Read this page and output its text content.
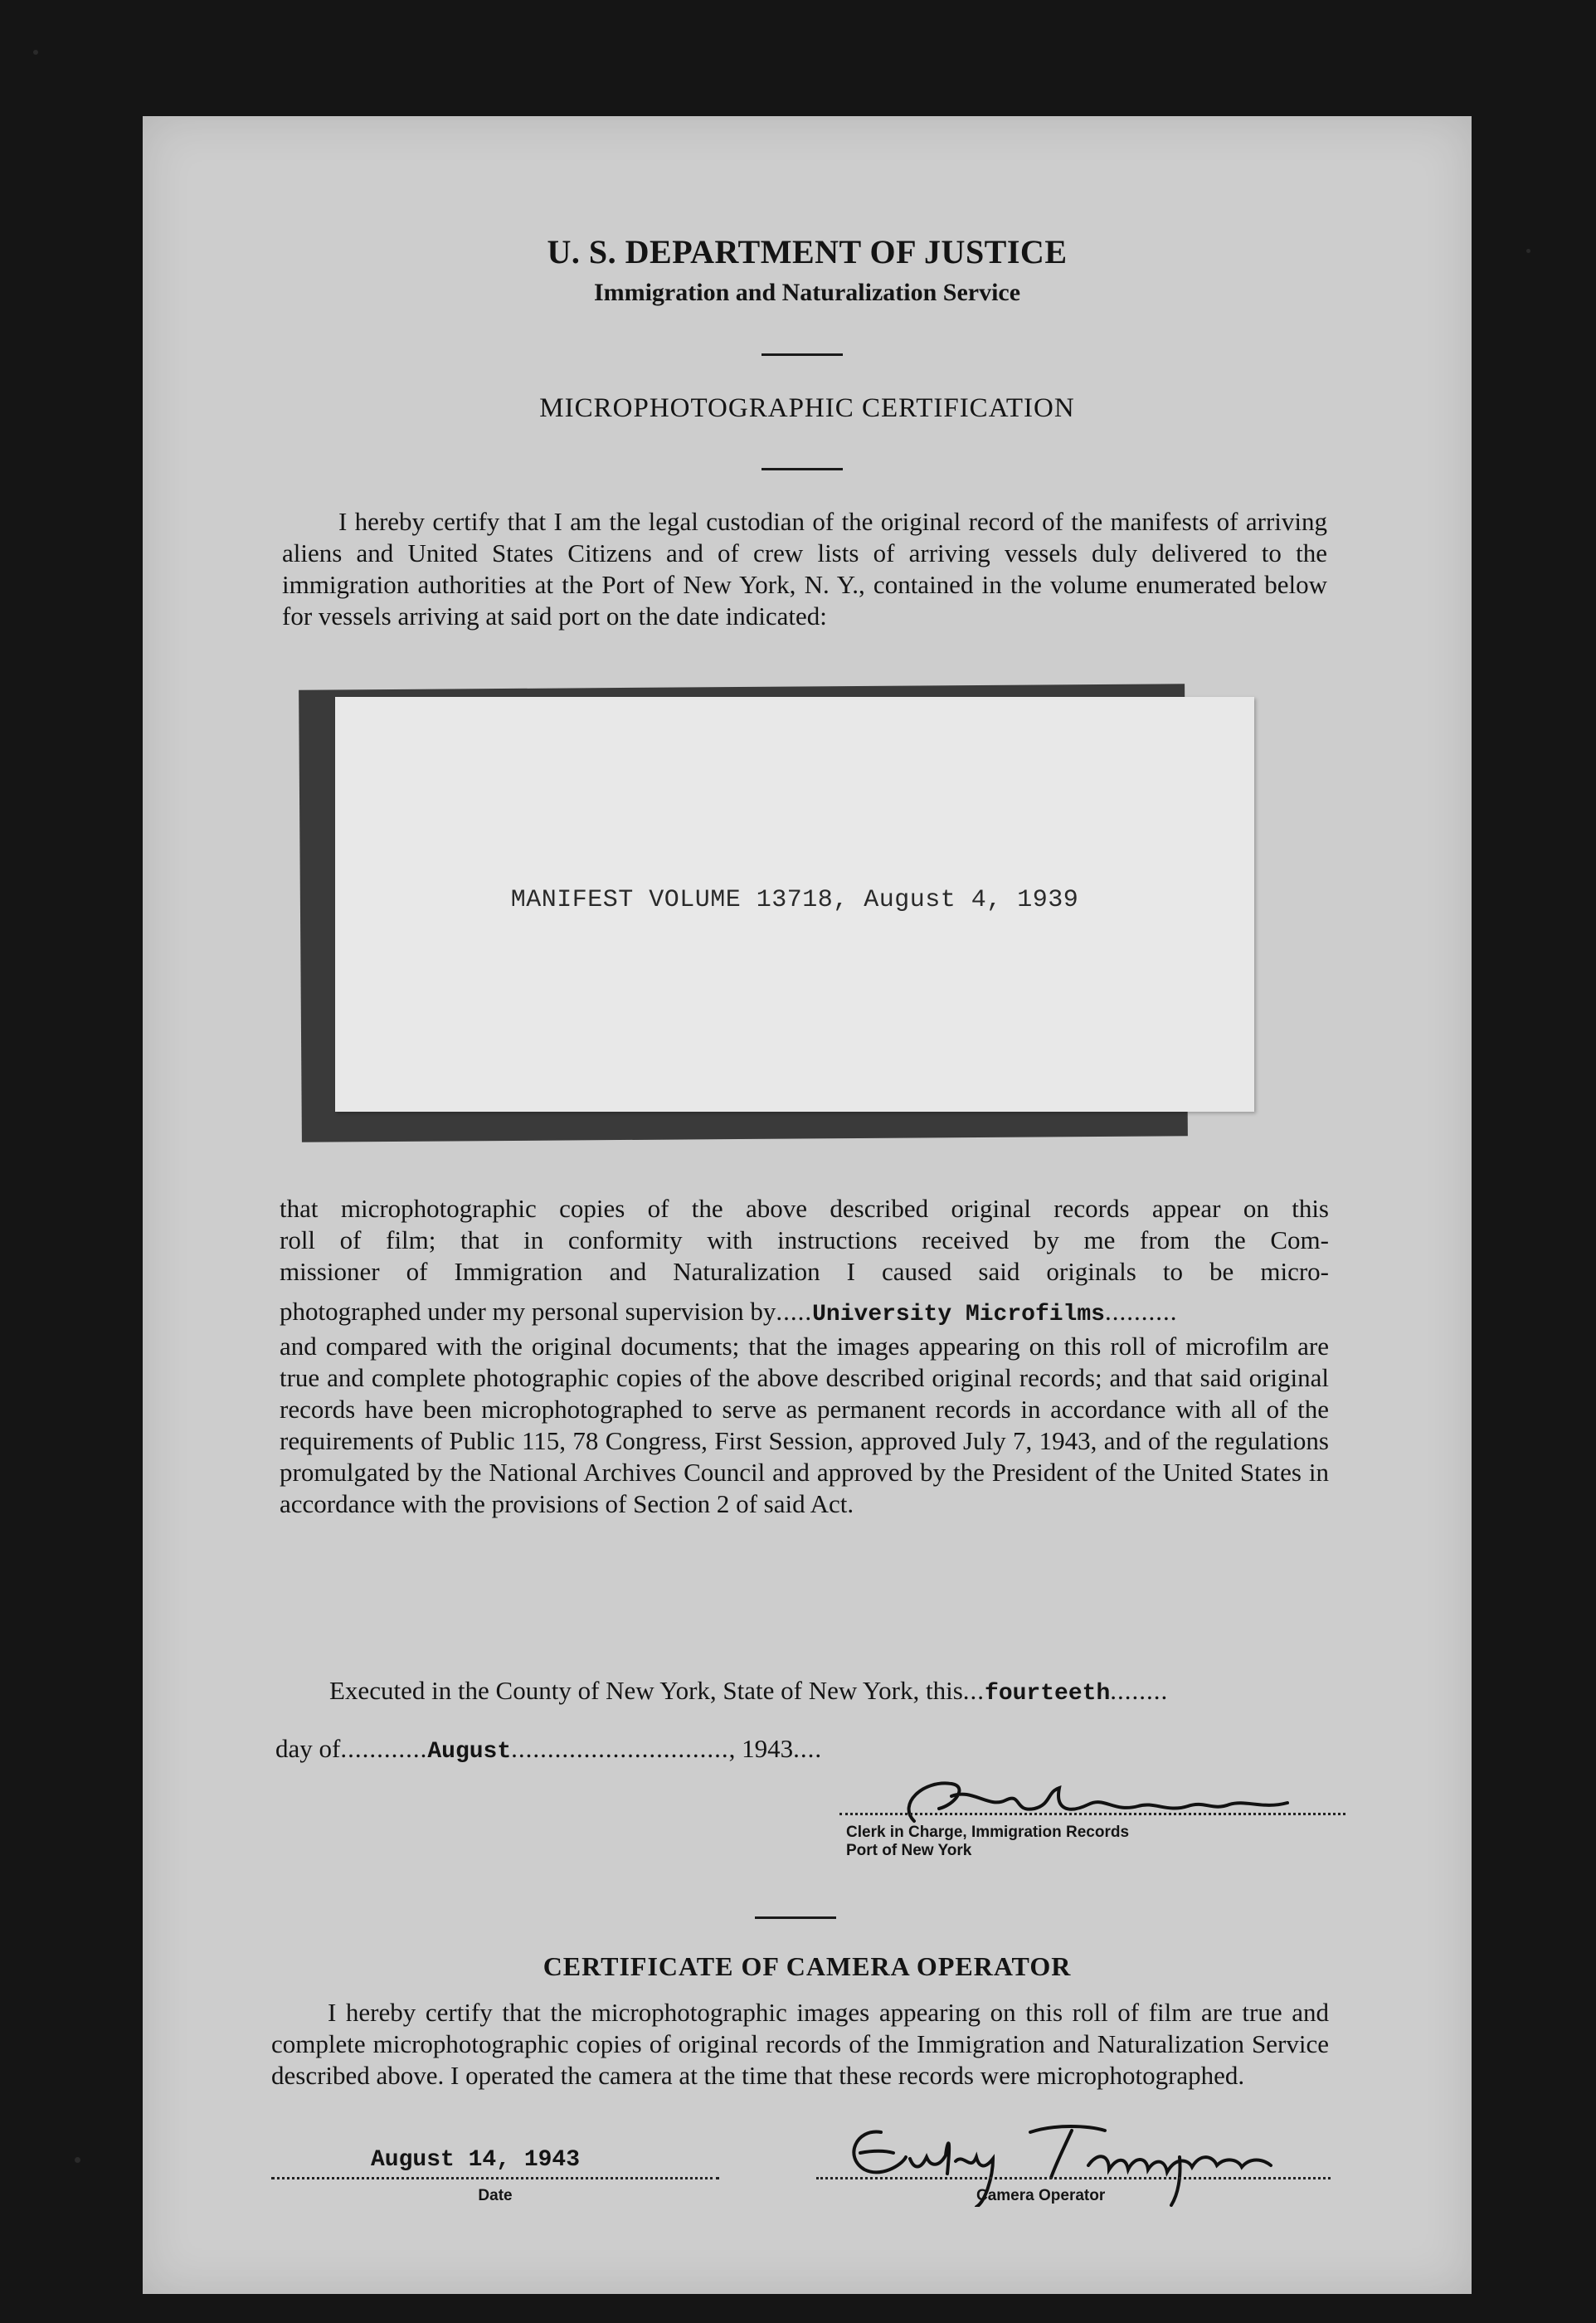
U. S. DEPARTMENT OF JUSTICE
Immigration and Naturalization Service
MICROPHOTOGRAPHIC CERTIFICATION
I hereby certify that I am the legal custodian of the original record of the manifests of arriving aliens and United States Citizens and of crew lists of arriving vessels duly delivered to the immigration authorities at the Port of New York, N. Y., contained in the volume enumerated below for vessels arriving at said port on the date indicated:
MANIFEST VOLUME 13718, August 4, 1939
that microphotographic copies of the above described original records appear on this
roll of film; that in conformity with instructions received by me from the Com-
missioner of Immigration and Naturalization I caused said originals to be micro-
photographed under my personal supervision by.....University Microfilms..........
and compared with the original documents; that the images appearing on this roll of microfilm are true and complete photographic copies of the above described original records; and that said original records have been microphotographed to serve as permanent records in accordance with all of the requirements of Public 115, 78 Congress, First Session, approved July 7, 1943, and of the regulations promulgated by the National Archives Council and approved by the President of the United States in accordance with the provisions of Section 2 of said Act.
Executed in the County of New York, State of New York, this...fourteeth........
day of............August.............................., 1943....
Clerk in Charge, Immigration Records
Port of New York
CERTIFICATE OF CAMERA OPERATOR
I hereby certify that the microphotographic images appearing on this roll of film are true and complete microphotographic copies of original records of the Immigration and Naturalization Service described above. I operated the camera at the time that these records were microphotographed.
August 14, 1943
Date	Camera Operator
